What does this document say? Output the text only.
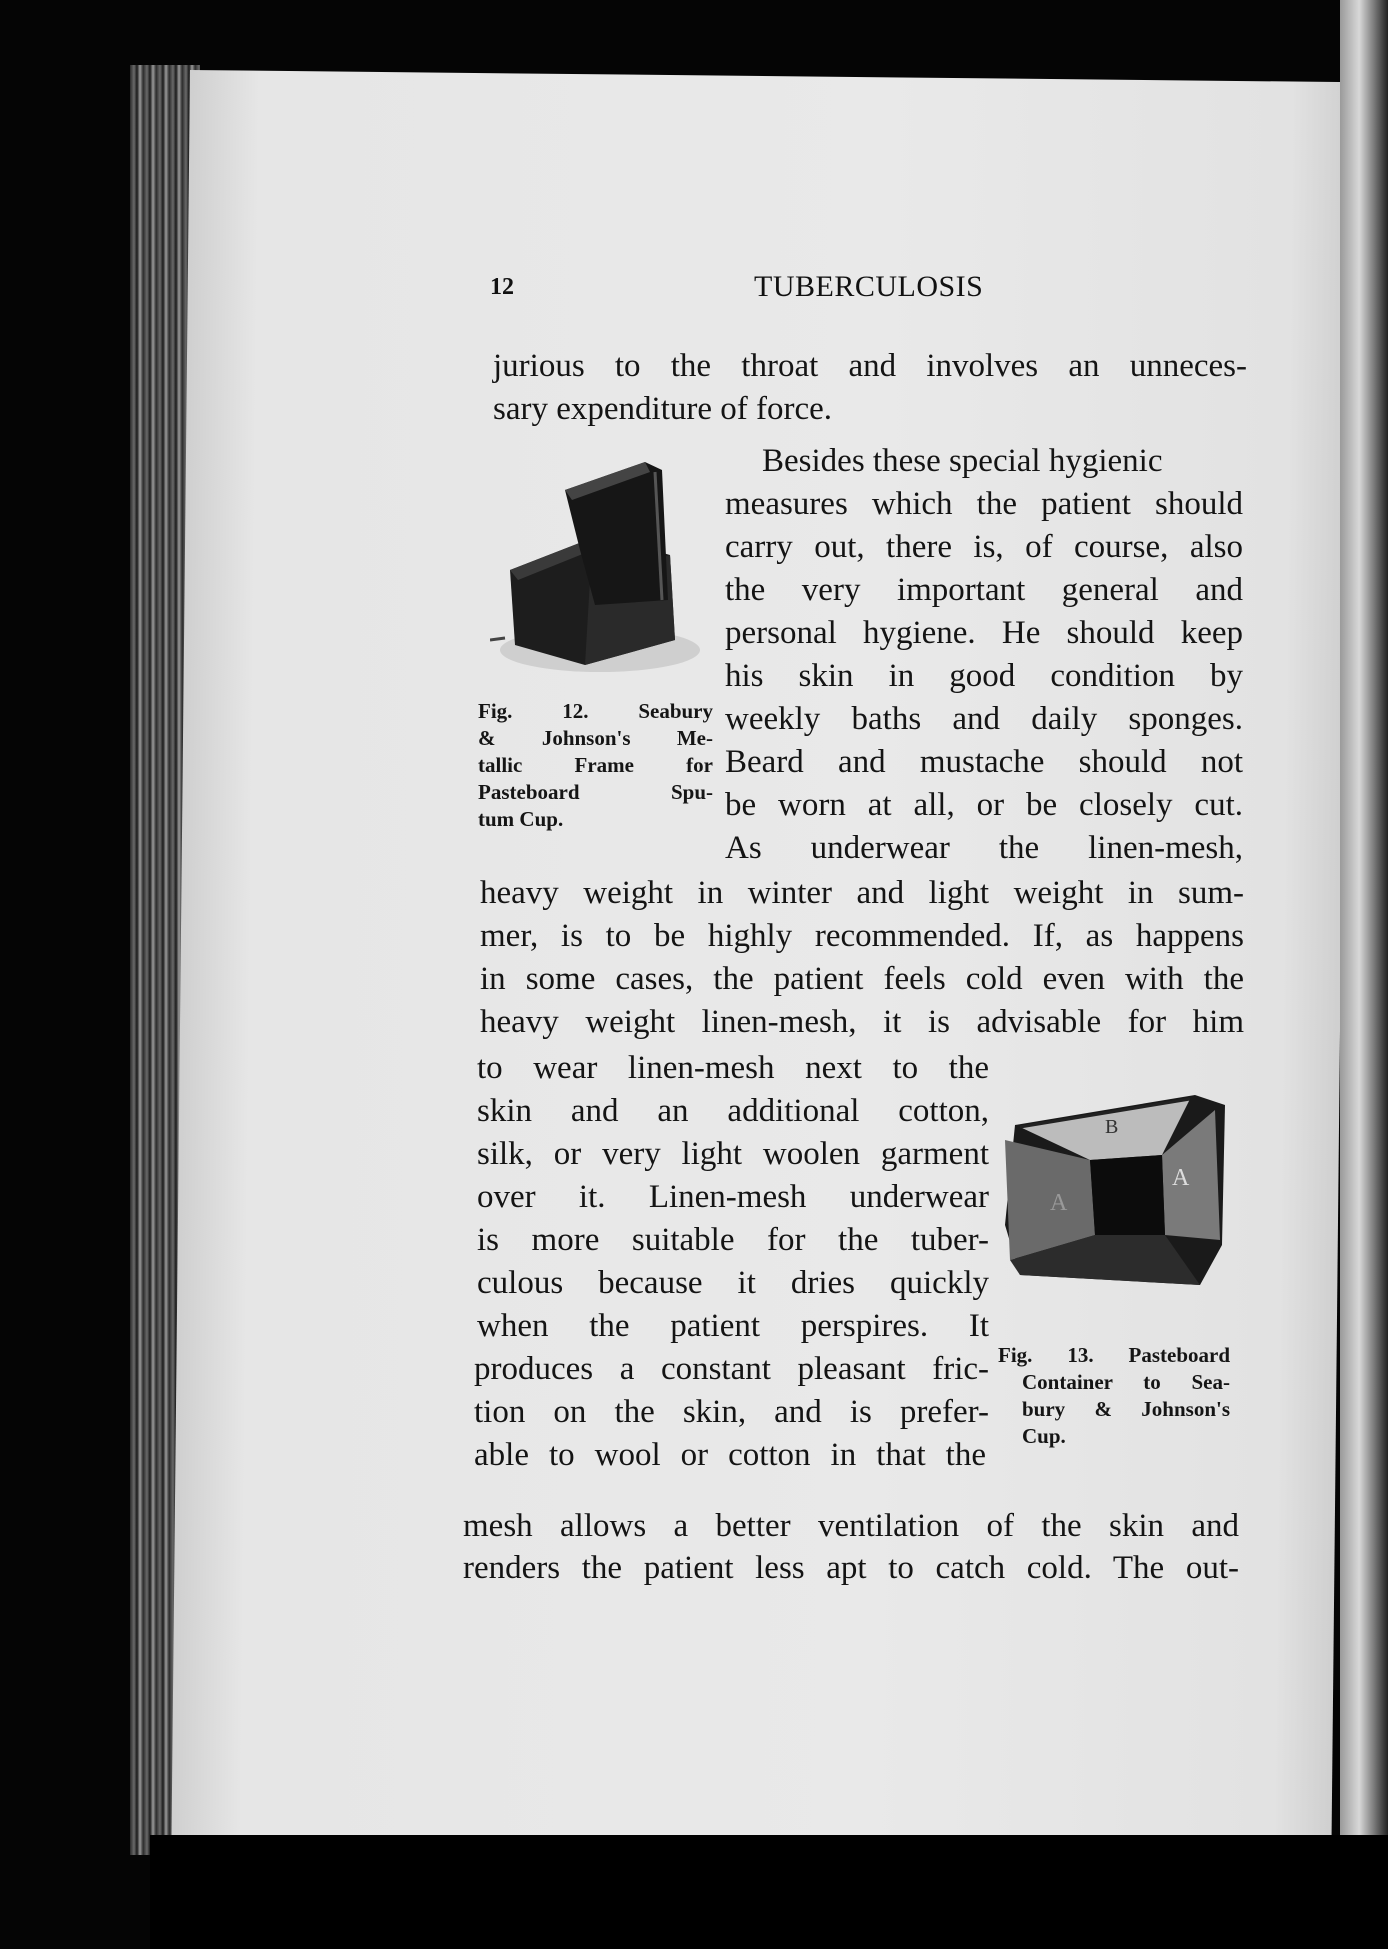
12	TUBERCULOSIS
jurious to the throat and involves an unneces-
sary expenditure of force.
Fig. 12. Seabury
& Johnson's Me-
tallic Frame for
Pasteboard Spu-
tum Cup.
Besides these special hygienic
measures which the patient should
carry out, there is, of course, also
the very important general and
personal hygiene. He should keep
his skin in good condition by
weekly baths and daily sponges.
Beard and mustache should not
be worn at all, or be closely cut.
As underwear the linen-mesh,
heavy weight in winter and light weight in sum-
mer, is to be highly recommended. If, as happens
in some cases, the patient feels cold even with the
heavy weight linen-mesh, it is advisable for him
to wear linen-mesh next to the
skin and an additional cotton,
silk, or very light woolen garment
over it. Linen-mesh underwear
is more suitable for the tuber-
culous because it dries quickly
when the patient perspires. It
produces a constant pleasant fric-
tion on the skin, and is prefer-
able to wool or cotton in that the
B
A
A
Fig. 13. Pasteboard
Container to Sea-
bury & Johnson's
Cup.
mesh allows a better ventilation of the skin and
renders the patient less apt to catch cold. The out-
